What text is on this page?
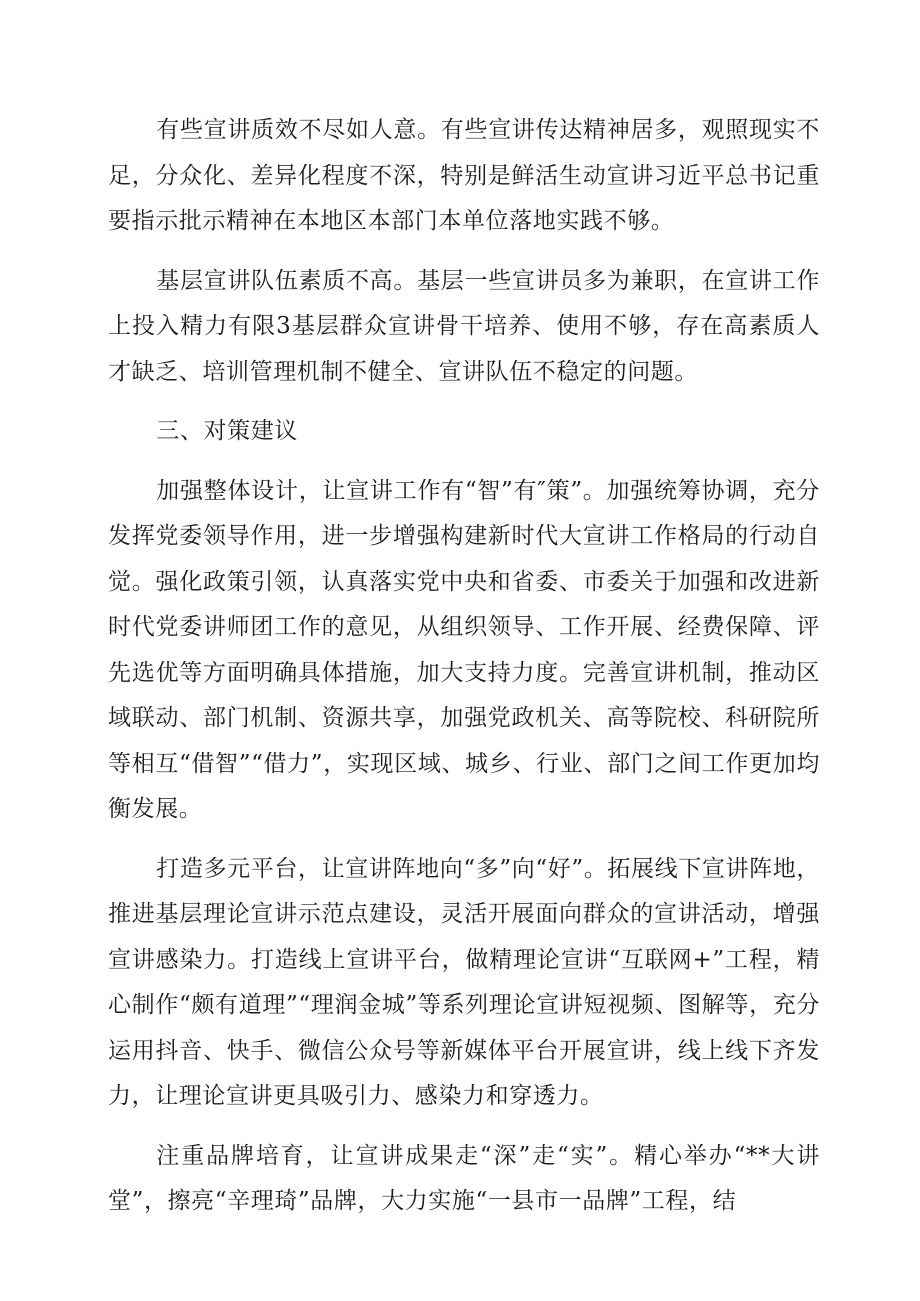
有些宣讲质效不尽如人意。有些宣讲传达精神居多，观照现实不足，分众化、差异化程度不深，特别是鲜活生动宣讲习近平总书记重要指示批示精神在本地区本部门本单位落地实践不够。

基层宣讲队伍素质不高。基层一些宣讲员多为兼职，在宣讲工作上投入精力有限3基层群众宣讲骨干培养、使用不够，存在高素质人才缺乏、培训管理机制不健全、宣讲队伍不稳定的问题。

三、对策建议

加强整体设计，让宣讲工作有“智”有″策”。加强统筹协调，充分发挥党委领导作用，进一步增强构建新时代大宣讲工作格局的行动自觉。强化政策引领，认真落实党中央和省委、市委关于加强和改进新时代党委讲师团工作的意见，从组织领导、工作开展、经费保障、评先选优等方面明确具体措施，加大支持力度。完善宣讲机制，推动区域联动、部门机制、资源共享，加强党政机关、高等院校、科研院所等相互“借智”“借力”，实现区域、城乡、行业、部门之间工作更加均衡发展。

打造多元平台，让宣讲阵地向“多”向“好”。拓展线下宣讲阵地，推进基层理论宣讲示范点建设，灵活开展面向群众的宣讲活动，增强宣讲感染力。打造线上宣讲平台，做精理论宣讲“互联网+”工程，精心制作“颇有道理”“理润金城”等系列理论宣讲短视频、图解等，充分运用抖音、快手、微信公众号等新媒体平台开展宣讲，线上线下齐发力，让理论宣讲更具吸引力、感染力和穿透力。

注重品牌培育，让宣讲成果走“深”走“实”。精心举办“**大讲堂”，擦亮“辛理琦”品牌，大力实施“一县市一品牌”工程，结
